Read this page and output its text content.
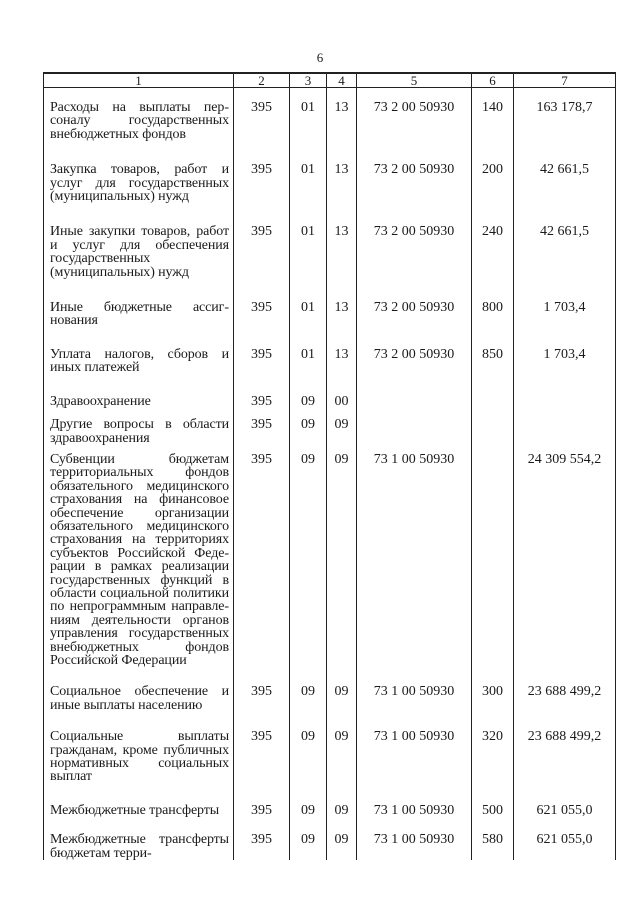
6
1	2	3	4	5	6	7
Расходы на выплаты персоналу государственных внебюджетных фондов	395	01	13	73 2 00 50930	140	163 178,7
Закупка товаров, работ и услуг для государственных (муниципальных) нужд	395	01	13	73 2 00 50930	200	42 661,5
Иные закупки товаров, работ и услуг для обеспечения государственных (муниципальных) нужд	395	01	13	73 2 00 50930	240	42 661,5
Иные бюджетные ассигнования	395	01	13	73 2 00 50930	800	1 703,4
Уплата налогов, сборов и иных платежей	395	01	13	73 2 00 50930	850	1 703,4
Здравоохранение	395	09	00			
Другие вопросы в области здравоохранения	395	09	09			
Субвенции бюджетам территориальных фондов обязательного медицинского страхования на финансовое обеспечение организации обязательного медицинского страхования на территориях субъектов Российской Федерации в рамках реализации государственных функций в области социальной политики по непрограммным направлениям деятельности органов управления государственных внебюджетных фондов Российской Федерации	395	09	09	73 1 00 50930		24 309 554,2
Социальное обеспечение и иные выплаты населению	395	09	09	73 1 00 50930	300	23 688 499,2
Социальные выплаты гражданам, кроме публичных нормативных социальных выплат	395	09	09	73 1 00 50930	320	23 688 499,2
Межбюджетные трансферты	395	09	09	73 1 00 50930	500	621 055,0
Межбюджетные трансферты бюджетам терри-	395	09	09	73 1 00 50930	580	621 055,0
